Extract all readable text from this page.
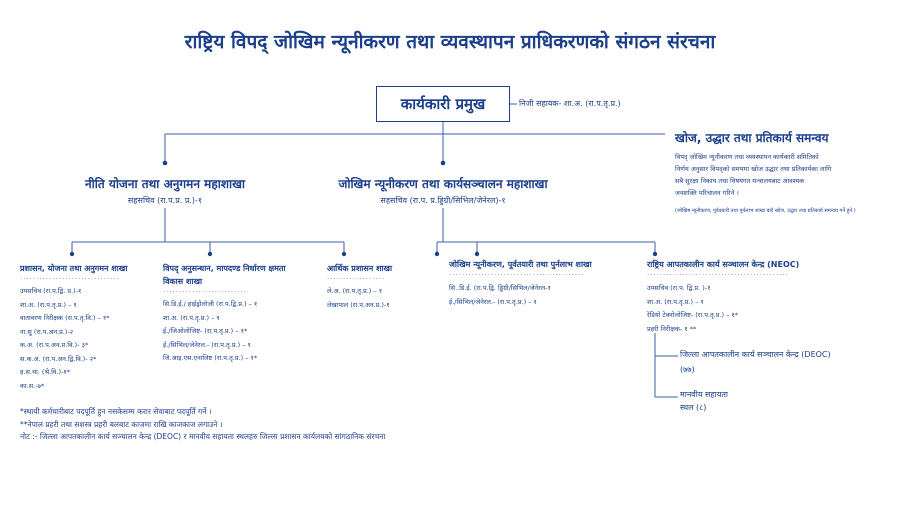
राष्ट्रिय विपद् जोखिम न्यूनीकरण तथा व्यवस्थापन प्राधिकरणको संगठन संरचना
कार्यकारी प्रमुख	निजी सहायक- शा.अ. (रा.प.तृ.प्र.)
खोज, उद्धार तथा प्रतिकार्य समन्वय
विपद् जोखिम न्यूनीकरण तथा व्यवस्थापन कार्यकारी समितिको
निर्णय अनुसार विपद्को समयमा खोज उद्धार तथा प्रतिकार्यका लागि
सबै सुरक्षा निकाय तथा विषयगत मन्त्रालयबाट आवश्यक
जनशक्ति परिचालन गरिने ।
(जोखिम न्यूनीकरण, पूर्वतयारी तथा पुर्नलाभ शाखा बाटै खोज, उद्धार तथा प्रतिकार्य समन्वय गर्ने हुने )
नीति योजना तथा अनुगमन महाशाखा
सहसचिव (रा.प.प्र. प्र.)-१
जोखिम न्यूनीकरण तथा कार्यसञ्चालन महाशाखा
सहसचिव (रा.प. प्र.ड्डिग्री/सिभिल/जेनेरल)-१
प्रशासन, योजना तथा अनुगमन शाखा
·······························
उपसचिव (रा.प.द्वि. प्र.)-१
शा.अ. (रा.प.तृ.प्र.) – १
वातावरण निरीक्षक (रा.प.तृ.वि.) – १*
ना.सु (रा.प.अन.प्र.)-२
क.अ. (रा.प.अन.प्र.वि.)- ३*
स.क.अ. (रा.प.अन.द्वि.वि.)- २*
ह.स.चा. (श्रे.वि.)-१*
का.स.-७*
विपद् अनुसन्धान, मापदण्ड निर्धारण क्षमता विकास शाखा
··························
सि.डि.ई./ हाईड्रोलोजी (रा.प.द्वि.प्र.) – १
शा.अ. (रा.प.तृ.प्र.) – १
ई./जिओलोजिष्ट- (रा.प.तृ.प्र.) – १*
ई./सिभिल/जेनेरल.- (रा.प.तृ.प्र.) – १
जि.आइ.एस.एनालिष्ट (रा.प.तृ.प्र.) – १*
आर्थिक प्रशासन शाखा
··················
ले.अ. (रा.प.तृ.प्र.) – १
लेखापाल (रा.प.अन.प्र.)-१
जोखिम न्यूनीकरण, पूर्वतयारी तथा पुर्नलाभ शाखा
··········································
सि..डि.ई. (रा.प.द्वि. ड्डिग्री/सिभिल/जेनेरल-१
ई./सिभिल/जेनेरल.- (रा.प.तृ.प्र.) – १
राष्ट्रिय आपतकालीन कार्य सञ्चालन केन्द्र (NEOC)
············································
उपसचिव (रा.प. द्वि.प्र. )-१
शा.अ. (रा.प.तृ.प्र.) – १
रेडियो टेक्नोलोजिष्ट- (रा.प.तृ.प्र.) – १*
प्रहरी निरीक्षक- १ **
जिल्ला आपतकालीन कार्य सञ्चालन केन्द्र (DEOC)
(७७)
मानवीय सहायता
स्थल (८)
*स्थायी कर्मचारीबाट पदपूर्ति हुन नसकेसम्म करार सेवाबाट पदपूर्ति गर्ने ।
**नेपाल प्रहरी तथा सशस्त्र प्रहरी बलबाट काजमा राखि काजकाज लगाउने ।
नोट :- जिल्ला आपतकालीन कार्य सञ्चालन केन्द्र (DEOC) र मानवीय सहायता स्थलहरु जिल्ला प्रशासन कार्यलयको सांगठानिक संरचना
